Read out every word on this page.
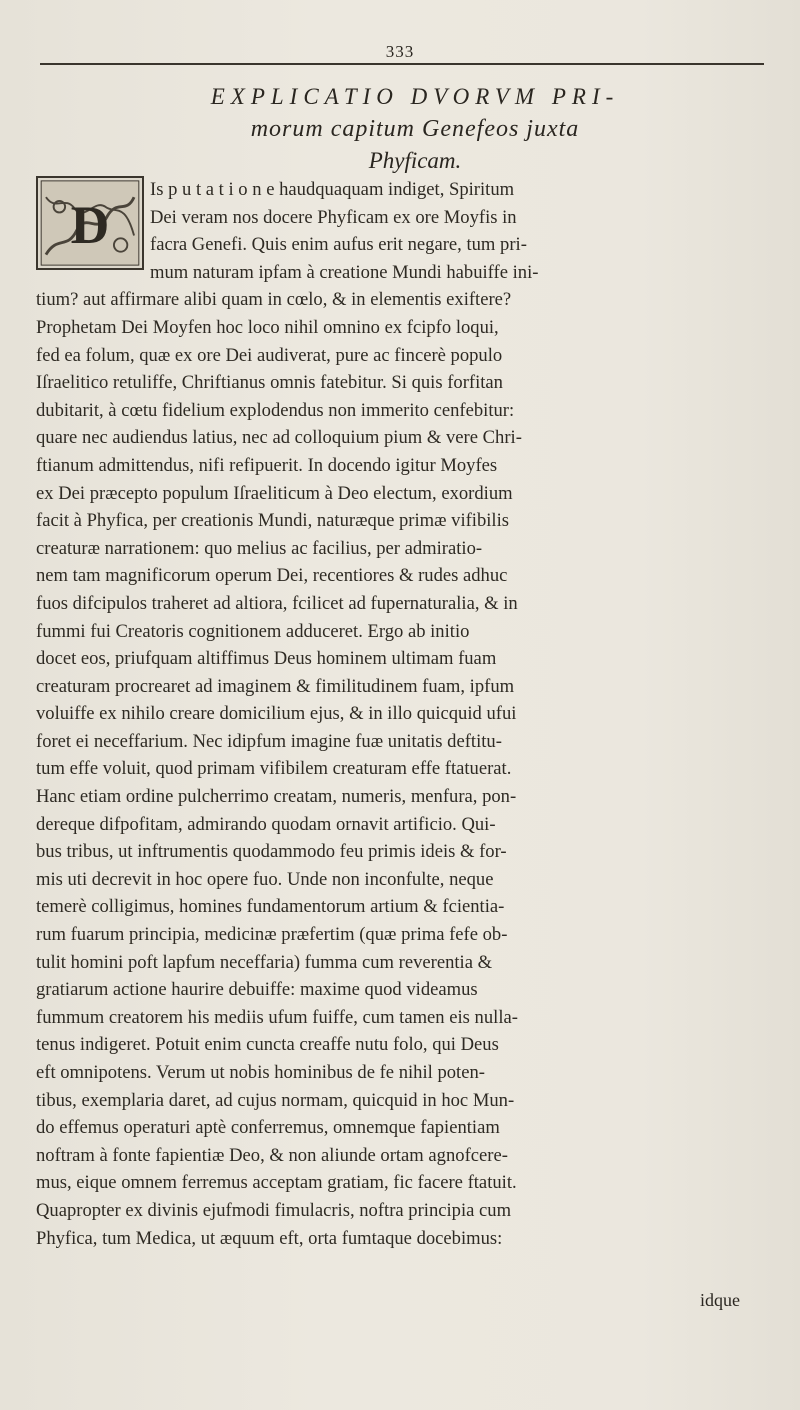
333
EXPLICATIO DVORVM PRI-
morum capitum Genefeos juxta
Phyficam.
D
Is p u t a t i o n e haudquaquam indiget, Spiritum
Dei veram nos docere Phyficam ex ore Moyfis in
facra Genefi. Quis enim aufus erit negare, tum pri-
mum naturam ipfam à creatione Mundi habuiffe ini-
tium? aut affirmare alibi quam in cœlo, & in elementis exiftere?
Prophetam Dei Moyfen hoc loco nihil omnino ex fcipfo loqui,
fed ea folum, quæ ex ore Dei audiverat, pure ac fincerè populo
Iſraelitico retuliffe, Chriftianus omnis fatebitur. Si quis forfitan
dubitarit, à cœtu fidelium explodendus non immerito cenfebitur:
quare nec audiendus latius, nec ad colloquium pium & vere Chri-
ftianum admittendus, nifi refipuerit. In docendo igitur Moyfes
ex Dei præcepto populum Iſraeliticum à Deo electum, exordium
facit à Phyfica, per creationis Mundi, naturæque primæ vifibilis
creaturæ narrationem: quo melius ac facilius, per admiratio-
nem tam magnificorum operum Dei, recentiores & rudes adhuc
fuos difcipulos traheret ad altiora, fcilicet ad fupernaturalia, & in
fummi fui Creatoris cognitionem adduceret. Ergo ab initio
docet eos, priufquam altiffimus Deus hominem ultimam fuam
creaturam procrearet ad imaginem & fimilitudinem fuam, ipfum
voluiffe ex nihilo creare domicilium ejus, & in illo quicquid ufui
foret ei neceffarium. Nec idipfum imagine fuæ unitatis deftitu-
tum effe voluit, quod primam vifibilem creaturam effe ftatuerat.
Hanc etiam ordine pulcherrimo creatam, numeris, menfura, pon-
dereque difpofitam, admirando quodam ornavit artificio. Qui-
bus tribus, ut inftrumentis quodammodo feu primis ideis & for-
mis uti decrevit in hoc opere fuo. Unde non inconfulte, neque
temerè colligimus, homines fundamentorum artium & fcientia-
rum fuarum principia, medicinæ præfertim (quæ prima fefe ob-
tulit homini poft lapfum neceffaria) fumma cum reverentia &
gratiarum actione haurire debuiffe: maxime quod videamus
fummum creatorem his mediis ufum fuiffe, cum tamen eis nulla-
tenus indigeret. Potuit enim cuncta creaffe nutu folo, qui Deus
eft omnipotens. Verum ut nobis hominibus de fe nihil poten-
tibus, exemplaria daret, ad cujus normam, quicquid in hoc Mun-
do effemus operaturi aptè conferremus, omnemque fapientiam
noftram à fonte fapientiæ Deo, & non aliunde ortam agnofcere-
mus, eique omnem ferremus acceptam gratiam, fic facere ftatuit.
Quapropter ex divinis ejufmodi fimulacris, noftra principia cum
Phyfica, tum Medica, ut æquum eft, orta fumtaque docebimus:
idque
